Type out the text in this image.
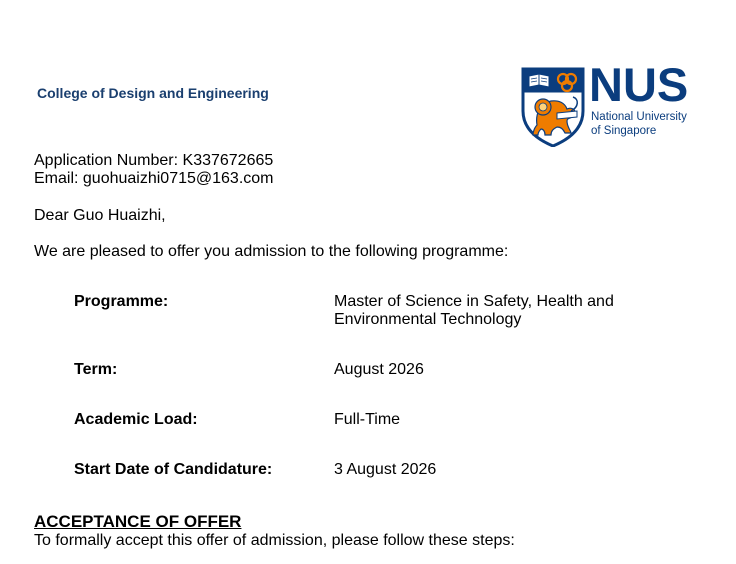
College of Design and Engineering	NUS
National University
of Singapore
Application Number: K337672665
Email: guohuaizhi0715@163.com
Dear Guo Huaizhi,
We are pleased to offer you admission to the following programme:
Programme:	Master of Science in Safety, Health and
Environmental Technology
Term:	August 2026
Academic Load:	Full-Time
Start Date of Candidature:	3 August 2026
ACCEPTANCE OF OFFER
To formally accept this offer of admission, please follow these steps:
